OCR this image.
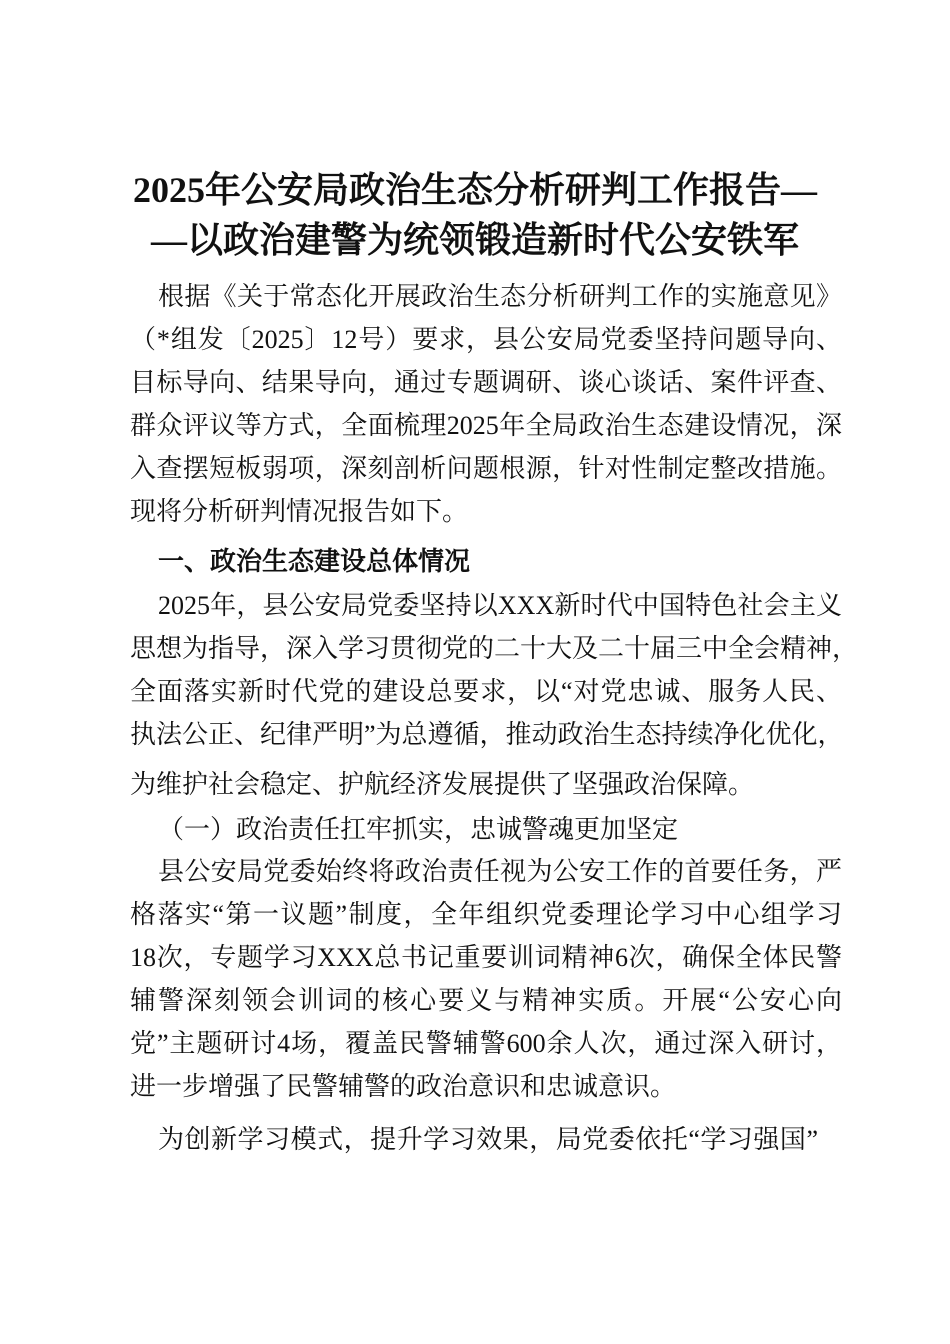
2025年公安局政治生态分析研判工作报告—
—以政治建警为统领锻造新时代公安铁军
根据《关于常态化开展政治生态分析研判工作的实施意见》
（*组发〔2025〕12号）要求，县公安局党委坚持问题导向、
目标导向、结果导向，通过专题调研、谈心谈话、案件评查、
群众评议等方式，全面梳理2025年全局政治生态建设情况，深
入查摆短板弱项，深刻剖析问题根源，针对性制定整改措施。
现将分析研判情况报告如下。
一、政治生态建设总体情况
2025年，县公安局党委坚持以XXX新时代中国特色社会主义
思想为指导，深入学习贯彻党的二十大及二十届三中全会精神，
全面落实新时代党的建设总要求，以“对党忠诚、服务人民、
执法公正、纪律严明”为总遵循，推动政治生态持续净化优化，
为维护社会稳定、护航经济发展提供了坚强政治保障。
（一）政治责任扛牢抓实，忠诚警魂更加坚定
县公安局党委始终将政治责任视为公安工作的首要任务，严
格落实“第一议题”制度，全年组织党委理论学习中心组学习
18次，专题学习XXX总书记重要训词精神6次，确保全体民警
辅警深刻领会训词的核心要义与精神实质。开展“公安心向
党”主题研讨4场，覆盖民警辅警600余人次，通过深入研讨，
进一步增强了民警辅警的政治意识和忠诚意识。
为创新学习模式，提升学习效果，局党委依托“学习强国”
